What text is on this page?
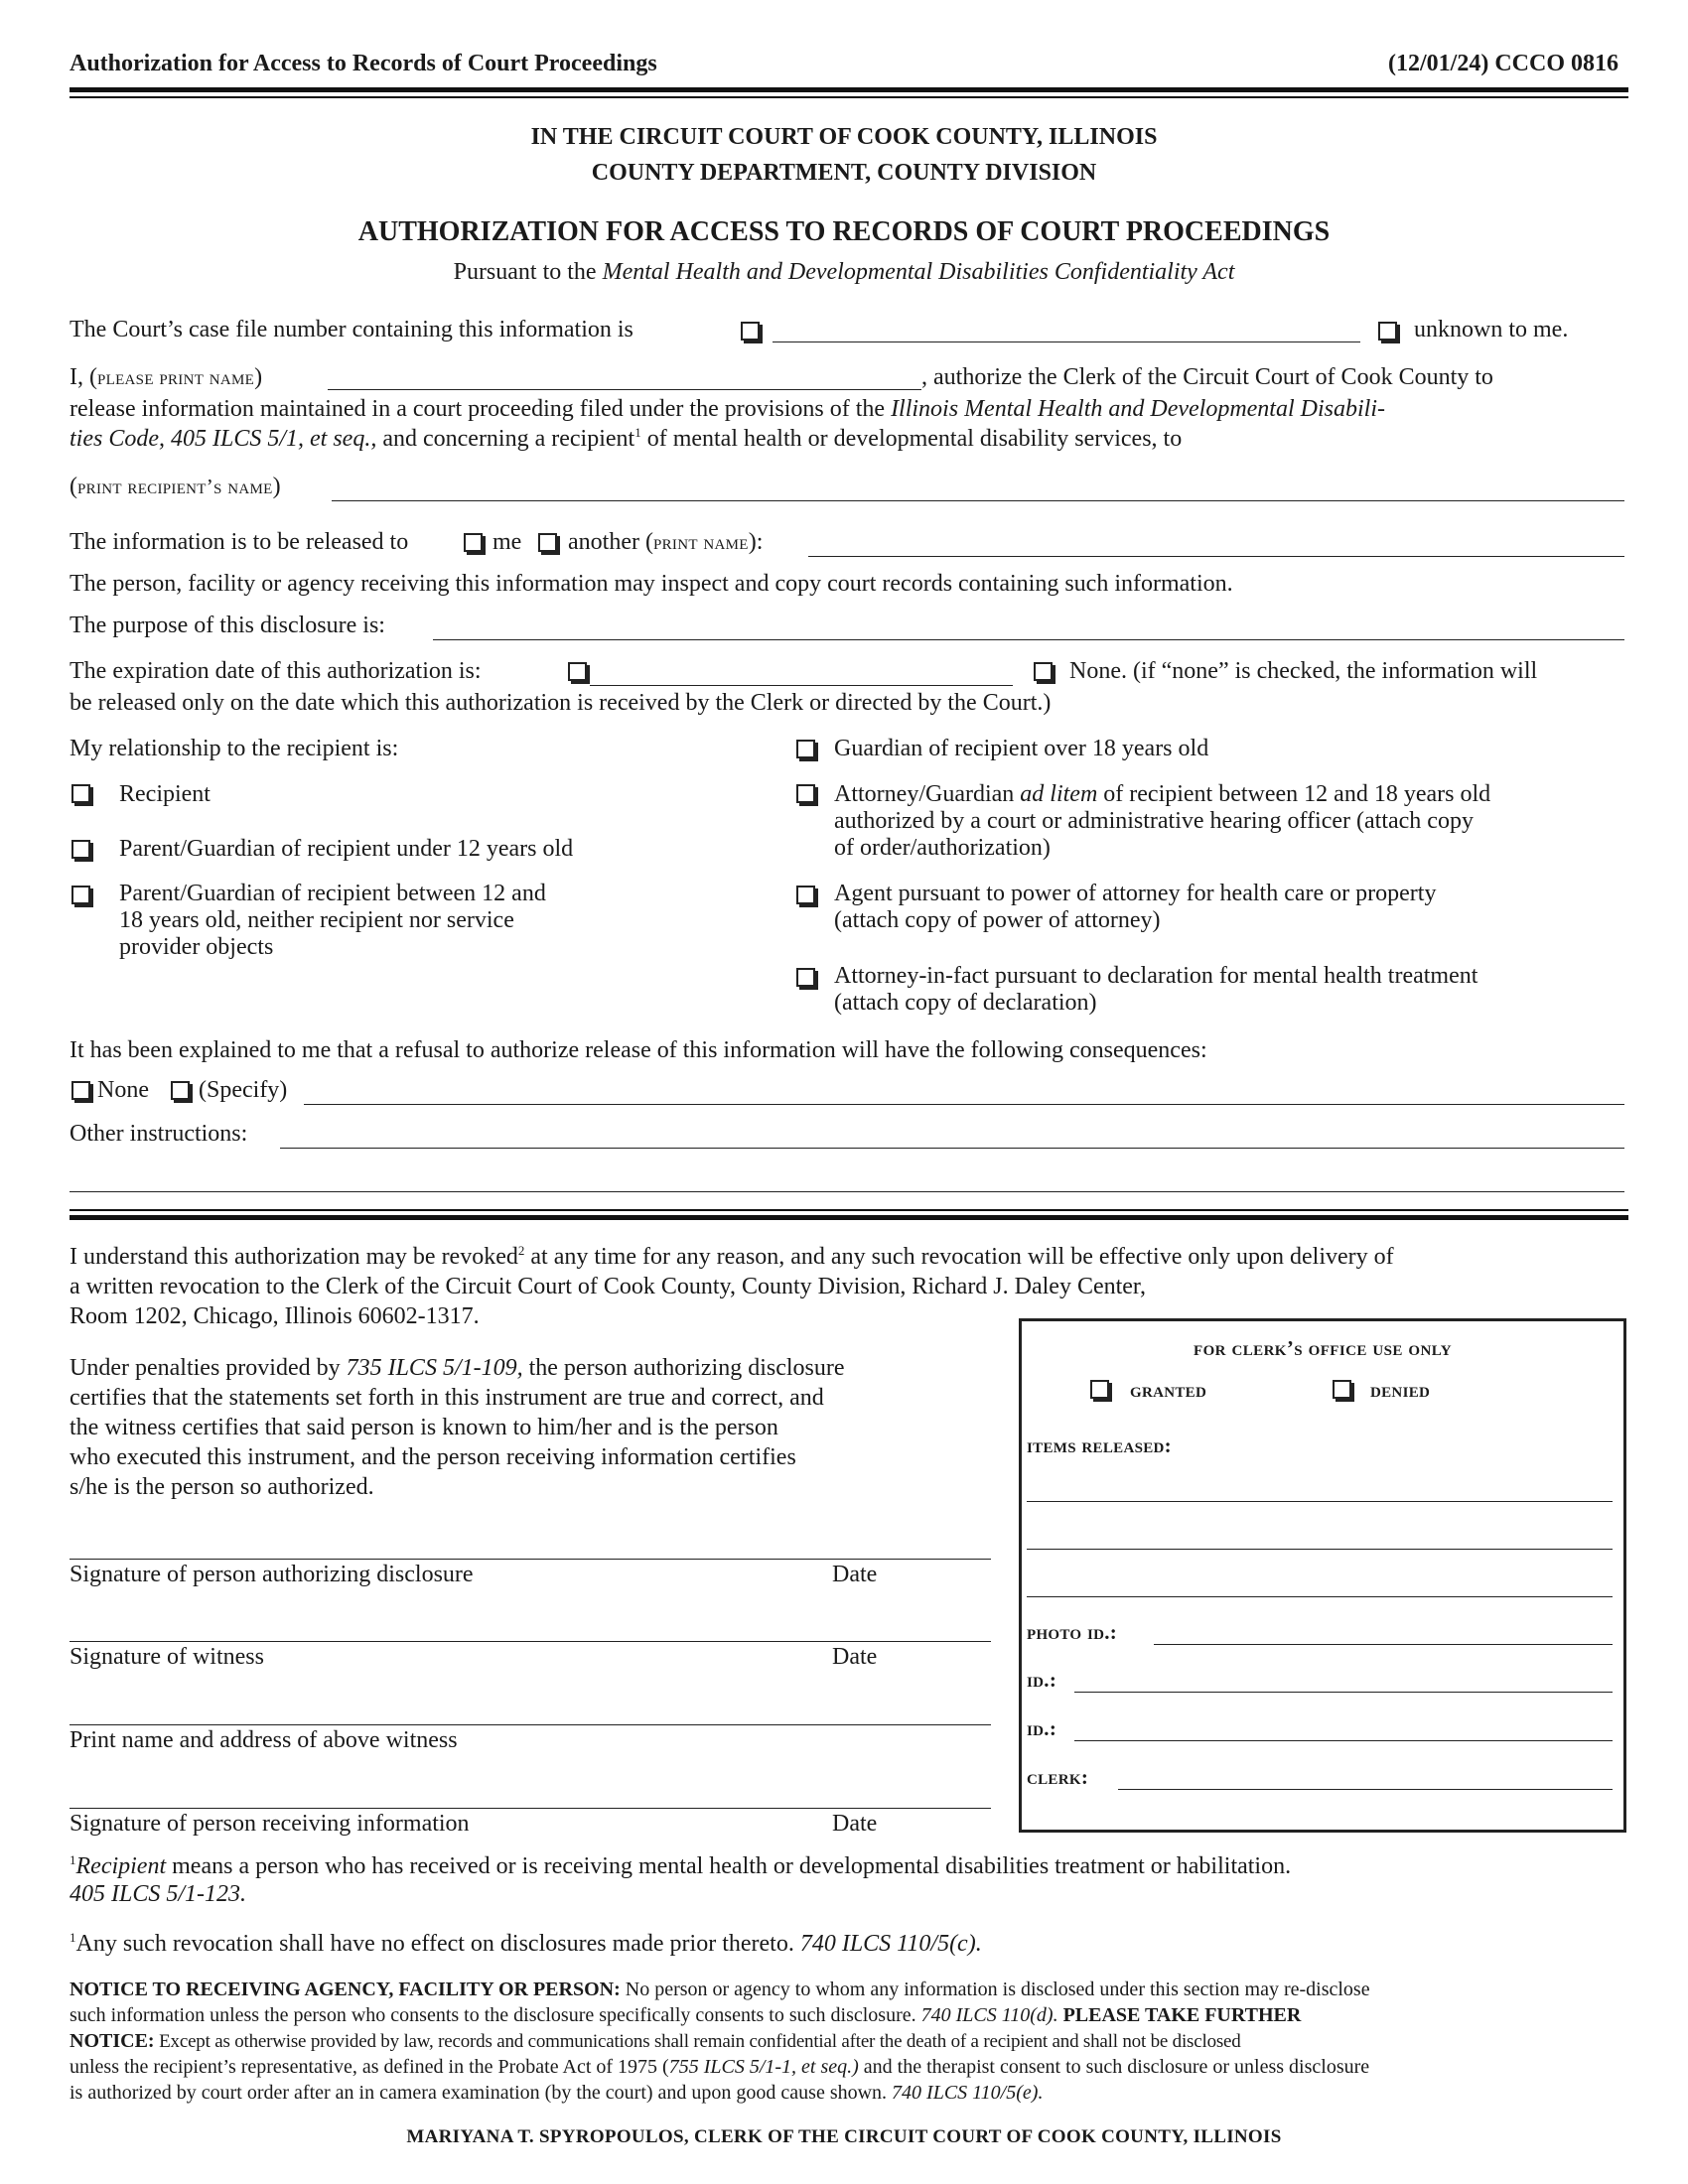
Authorization for Access to Records of Court Proceedings	(12/01/24) CCCO 0816
IN THE CIRCUIT COURT OF COOK COUNTY, ILLINOIS
COUNTY DEPARTMENT, COUNTY DIVISION
AUTHORIZATION FOR ACCESS TO RECORDS OF COURT PROCEEDINGS
Pursuant to the Mental Health and Developmental Disabilities Confidentiality Act
The Court’s case file number containing this information is	unknown to me.
I, (please print name)	, authorize the Clerk of the Circuit Court of Cook County to
release information maintained in a court proceeding filed under the provisions of the Illinois Mental Health and Developmental Disabili-
ties Code, 405 ILCS 5/1, et seq., and concerning a recipient$^1$ of mental health or developmental disability services, to
(print recipient’s name)
The information is to be released to	me another (print name):
The person, facility or agency receiving this information may inspect and copy court records containing such information.
The purpose of this disclosure is:
The expiration date of this authorization is:	None. (if “none” is checked, the information will
be released only on the date which this authorization is received by the Clerk or directed by the Court.)
My relationship to the recipient is:
Recipient
Parent/Guardian of recipient under 12 years old
Parent/Guardian of recipient between 12 and
18 years old, neither recipient nor service
provider objects
Guardian of recipient over 18 years old
Attorney/Guardian ad litem of recipient between 12 and 18 years old
authorized by a court or administrative hearing officer (attach copy
of order/authorization)
Agent pursuant to power of attorney for health care or property
(attach copy of power of attorney)
Attorney-in-fact pursuant to declaration for mental health treatment
(attach copy of declaration)
It has been explained to me that a refusal to authorize release of this information will have the following consequences:
None (Specify)
Other instructions:
I understand this authorization may be revoked$^2$ at any time for any reason, and any such revocation will be effective only upon delivery of
a written revocation to the Clerk of the Circuit Court of Cook County, County Division, Richard J. Daley Center,
Room 1202, Chicago, Illinois 60602-1317.
Under penalties provided by 735 ILCS 5/1-109, the person authorizing disclosure
certifies that the statements set forth in this instrument are true and correct, and
the witness certifies that said person is known to him/her and is the person
who executed this instrument, and the person receiving information certifies
s/he is the person so authorized.
Signature of person authorizing disclosure	Date
Signature of witness	Date
Print name and address of above witness
Signature of person receiving information	Date
for clerk’s office use only
granted	denied
items released:
photo id.:
id.:
id.:
clerk:
$^1$Recipient means a person who has received or is receiving mental health or developmental disabilities treatment or habilitation.
405 ILCS 5/1-123.
$^1$Any such revocation shall have no effect on disclosures made prior thereto. 740 ILCS 110/5(c).
NOTICE TO RECEIVING AGENCY, FACILITY OR PERSON: No person or agency to whom any information is disclosed under this section may re-disclose
such information unless the person who consents to the disclosure specifically consents to such disclosure. 740 ILCS 110(d). PLEASE TAKE FURTHER
NOTICE: Except as otherwise provided by law, records and communications shall remain confidential after the death of a recipient and shall not be disclosed
unless the recipient’s representative, as defined in the Probate Act of 1975 (755 ILCS 5/1-1, et seq.) and the therapist consent to such disclosure or unless disclosure
is authorized by court order after an in camera examination (by the court) and upon good cause shown. 740 ILCS 110/5(e).
MARIYANA T. SPYROPOULOS, CLERK OF THE CIRCUIT COURT OF COOK COUNTY, ILLINOIS
